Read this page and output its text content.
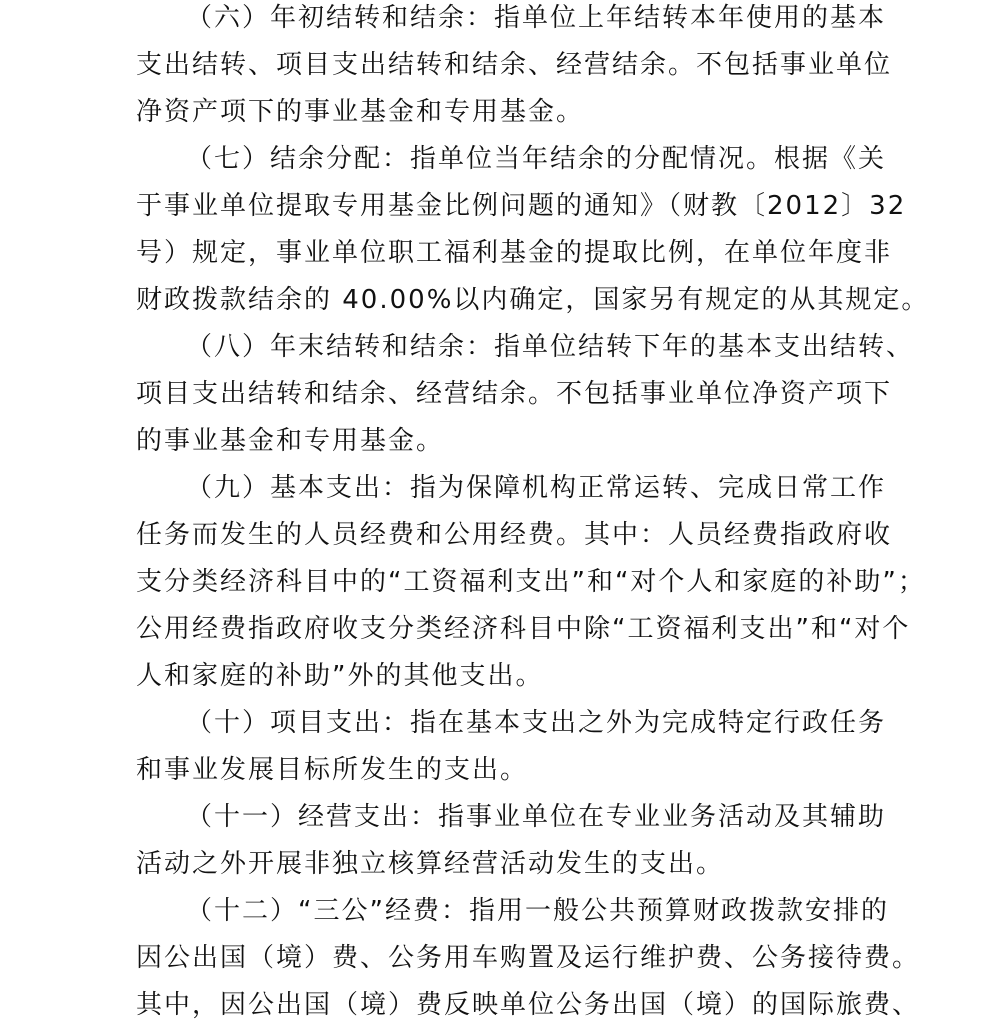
（六）年初结转和结余：指单位上年结转本年使用的基本
支出结转、项目支出结转和结余、经营结余。不包括事业单位
净资产项下的事业基金和专用基金。
（七）结余分配：指单位当年结余的分配情况。根据《关
于事业单位提取专用基金比例问题的通知》（财教〔2012〕32
号）规定，事业单位职工福利基金的提取比例，在单位年度非
财政拨款结余的 40.00%以内确定，国家另有规定的从其规定。
（八）年末结转和结余：指单位结转下年的基本支出结转、
项目支出结转和结余、经营结余。不包括事业单位净资产项下
的事业基金和专用基金。
（九）基本支出：指为保障机构正常运转、完成日常工作
任务而发生的人员经费和公用经费。其中：人员经费指政府收
支分类经济科目中的“工资福利支出”和“对个人和家庭的补助”；
公用经费指政府收支分类经济科目中除“工资福利支出”和“对个
人和家庭的补助”外的其他支出。
（十）项目支出：指在基本支出之外为完成特定行政任务
和事业发展目标所发生的支出。
（十一）经营支出：指事业单位在专业业务活动及其辅助
活动之外开展非独立核算经营活动发生的支出。
（十二）“三公”经费：指用一般公共预算财政拨款安排的
因公出国（境）费、公务用车购置及运行维护费、公务接待费。
其中，因公出国（境）费反映单位公务出国（境）的国际旅费、
